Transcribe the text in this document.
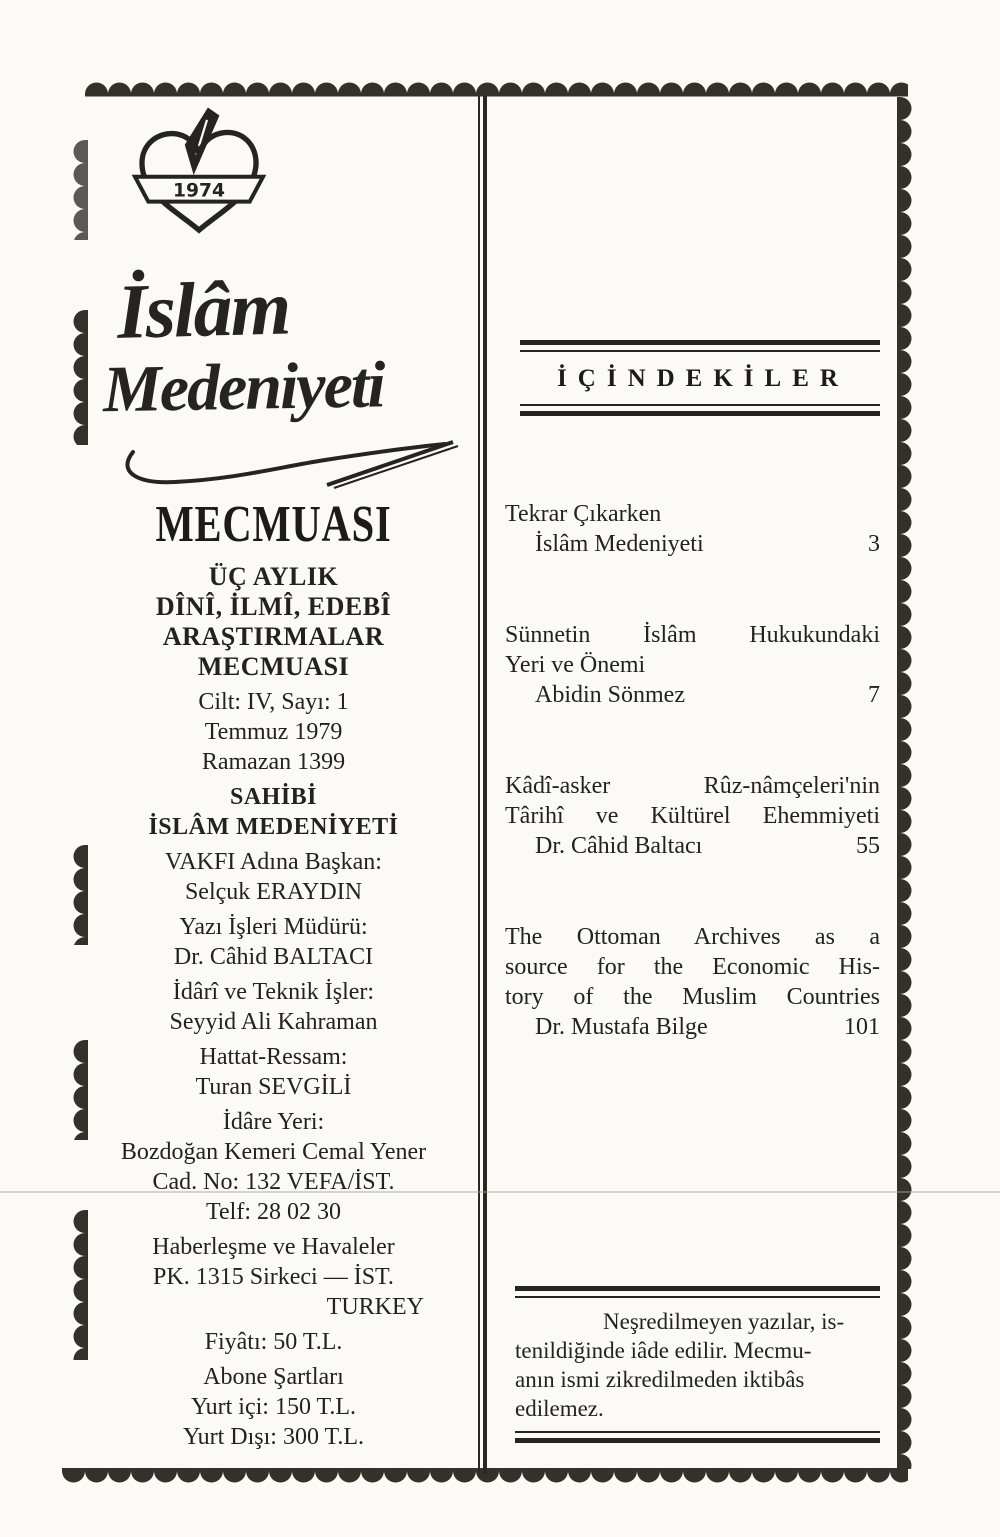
1974
İslâm
Medeniyeti
MECMUASI
ÜÇ AYLIK
DÎNÎ, İLMÎ, EDEBÎ
ARAŞTIRMALAR
MECMUASI
Cilt: IV, Sayı: 1
Temmuz 1979
Ramazan 1399
SAHİBİ
İSLÂM MEDENİYETİ
VAKFI Adına Başkan:
Selçuk ERAYDIN
Yazı İşleri Müdürü:
Dr. Câhid BALTACI
İdârî ve Teknik İşler:
Seyyid Ali Kahraman
Hattat-Ressam:
Turan SEVGİLİ
İdâre Yeri:
Bozdoğan Kemeri Cemal Yener
Cad. No: 132 VEFA/İST.
Telf: 28 02 30
Haberleşme ve Havaleler
PK. 1315 Sirkeci — İST.
TURKEY
Fiyâtı: 50 T.L.
Abone Şartları
Yurt içi: 150 T.L.
Yurt Dışı: 300 T.L.
İÇİNDEKİLER
Tekrar Çıkarken
İslâm Medeniyeti	3
Sünnetin İslâm Hukukundaki
Yeri ve Önemi
Abidin Sönmez	7
Kâdî-asker Rûz-nâmçeleri'nin
Târihî ve Kültürel Ehemmiyeti
Dr. Câhid Baltacı	55
The Ottoman Archives as a
source for the Economic His-
tory of the Muslim Countries
Dr. Mustafa Bilge	101
Neşredilmeyen yazılar, is-
tenildiğinde iâde edilir. Mecmu-
anın ismi zikredilmeden iktibâs
edilemez.
